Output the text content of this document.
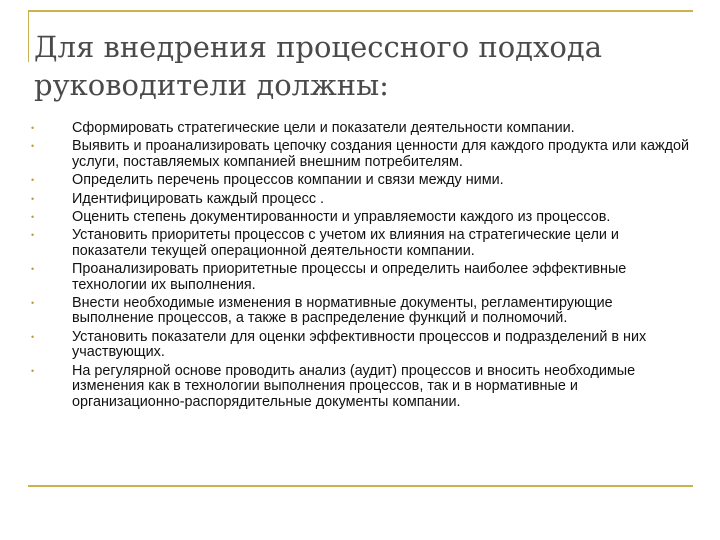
Для внедрения процессного подхода
руководители должны:
•	Сформировать стратегические цели и показатели деятельности компании.
•	Выявить и проанализировать цепочку создания ценности для каждого продукта или каждой услуги, поставляемых компанией внешним потребителям.
•	Определить перечень процессов компании и связи между ними.
•	Идентифицировать каждый процесс .
•	Оценить степень документированности и управляемости каждого из процессов.
•	Установить приоритеты процессов с учетом их влияния на стратегические цели и показатели текущей операционной деятельности компании.
•	Проанализировать приоритетные процессы и определить наиболее эффективные технологии их выполнения.
•	Внести необходимые изменения в нормативные документы, регламентирующие выполнение процессов, а также в распределение функций и полномочий.
•	Установить показатели для оценки эффективности процессов и подразделений в них участвующих.
•	На регулярной основе проводить анализ (аудит) процессов и вносить необходимые изменения как в технологии выполнения процессов, так и в нормативные и организационно-распорядительные документы компании.
